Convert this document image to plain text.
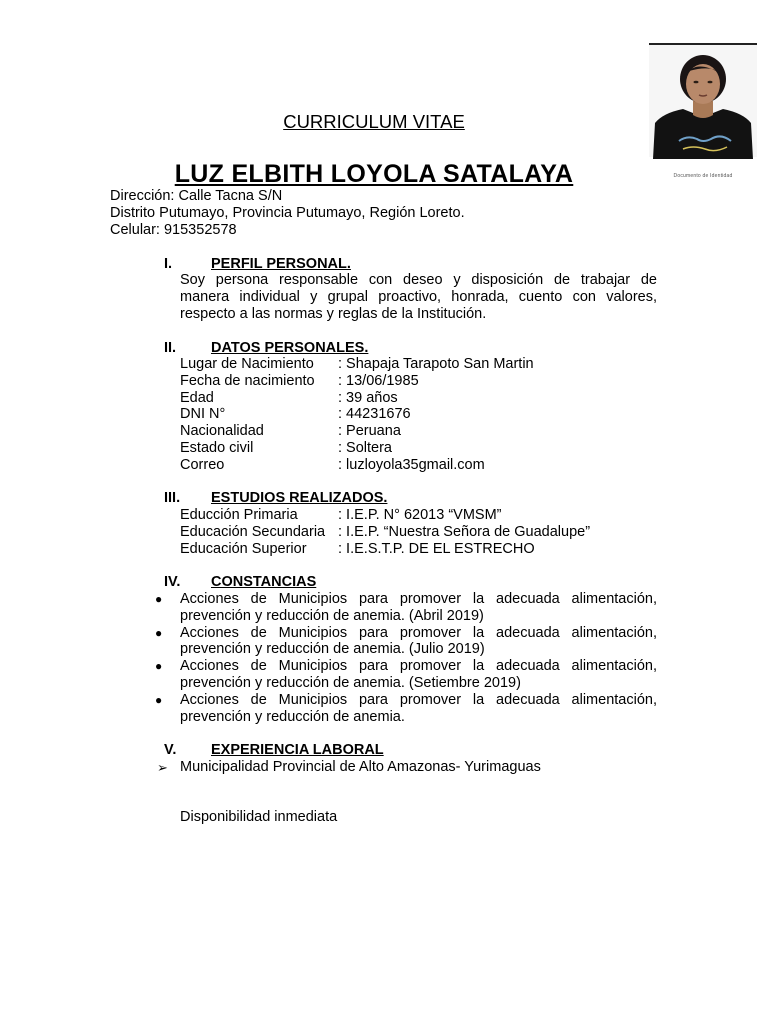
Documento de Identidad
CURRICULUM VITAE
LUZ ELBITH LOYOLA SATALAYA
Dirección: Calle Tacna S/N
Distrito Putumayo, Provincia Putumayo, Región Loreto.
Celular: 915352578
I.	PERFIL PERSONAL.
Soy persona responsable con deseo y disposición de trabajar de
manera individual y grupal proactivo, honrada, cuento con valores,
respecto a las normas y reglas de la Institución.
II. DATOS PERSONALES.
Lugar de Nacimiento : Shapaja Tarapoto San Martin
Fecha de nacimiento : 13/06/1985
Edad	: 39 años
DNI N°	: 44231676
Nacionalidad	: Peruana
Estado civil	: Soltera
Correo	: luzloyola35gmail.com
III. ESTUDIOS REALIZADOS.
Educción Primaria	: I.E.P. N° 62013 “VMSM”
Educación Secundaria : I.E.P. “Nuestra Señora de Guadalupe”
Educación Superior : I.E.S.T.P. DE EL ESTRECHO
IV. CONSTANCIAS
● Acciones de Municipios para promover la adecuada alimentación,
prevención y reducción de anemia. (Abril 2019)
● Acciones de Municipios para promover la adecuada alimentación,
prevención y reducción de anemia. (Julio 2019)
● Acciones de Municipios para promover la adecuada alimentación,
prevención y reducción de anemia. (Setiembre 2019)
● Acciones de Municipios para promover la adecuada alimentación,
prevención y reducción de anemia.
V. EXPERIENCIA LABORAL
➢ Municipalidad Provincial de Alto Amazonas- Yurimaguas
Disponibilidad inmediata
